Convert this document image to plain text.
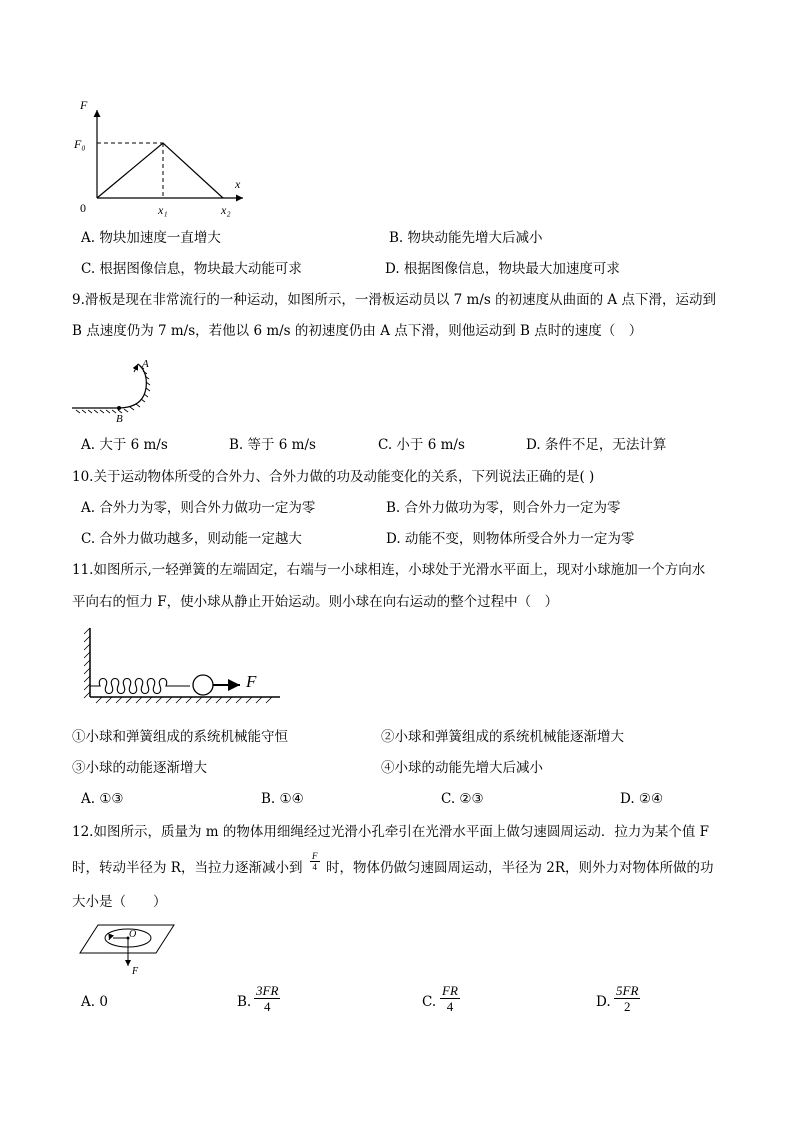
F
F₀
x
0	x₁	x₂
A. 物块加速度一直增大	B. 物块动能先增大后减小
C. 根据图像信息，物块最大动能可求	D. 根据图像信息，物块最大加速度可求
9.滑板是现在非常流行的一种运动，如图所示，一滑板运动员以 7 m/s 的初速度从曲面的 A 点下滑，运动到
B 点速度仍为 7 m/s，若他以 6 m/s 的初速度仍由 A 点下滑，则他运动到 B 点时的速度（　）
A
B
A. 大于 6 m/s	B. 等于 6 m/s	C. 小于 6 m/s	D. 条件不足，无法计算
10.关于运动物体所受的合外力、合外力做的功及动能变化的关系，下列说法正确的是( )
A. 合外力为零，则合外力做功一定为零	B. 合外力做功为零，则合外力一定为零
C. 合外力做功越多，则动能一定越大	D. 动能不变，则物体所受合外力一定为零
11.如图所示,一轻弹簧的左端固定，右端与一小球相连，小球处于光滑水平面上，现对小球施加一个方向水
平向右的恒力 F，使小球从静止开始运动。则小球在向右运动的整个过程中（　）
F
①小球和弹簧组成的系统机械能守恒	②小球和弹簧组成的系统机械能逐渐增大
③小球的动能逐渐增大	④小球的动能先增大后减小
A. ①③	B. ①④	C. ②③	D. ②④
12.如图所示，质量为 m 的物体用细绳经过光滑小孔牵引在光滑水平面上做匀速圆周运动．拉力为某个值 F
时，转动半径为 R，当拉力逐渐减小到 $\frac{F}{4}$ 时，物体仍做匀速圆周运动，半径为 2R，则外力对物体所做的功
大小是（　　）
O
F
A. 0	B. $\frac{3FR}{4}$	C. $\frac{FR}{4}$	D. $\frac{5FR}{2}$
